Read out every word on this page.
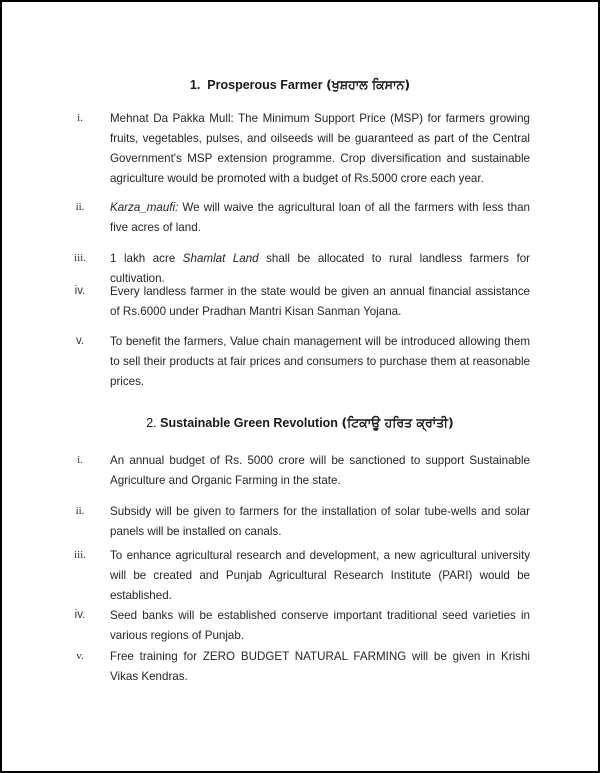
1. Prosperous Farmer (ਖੁਸ਼ਹਾਲ ਕਿਸਾਨ)
i.	Mehnat Da Pakka Mull: The Minimum Support Price (MSP) for farmers growing fruits, vegetables, pulses, and oilseeds will be guaranteed as part of the Central Government's MSP extension programme. Crop diversification and sustainable agriculture would be promoted with a budget of Rs.5000 crore each year.
ii.	Karza_maufi: We will waive the agricultural loan of all the farmers with less than five acres of land.
iii.	1 lakh acre Shamlat Land shall be allocated to rural landless farmers for cultivation.
iv.	Every landless farmer in the state would be given an annual financial assistance of Rs.6000 under Pradhan Mantri Kisan Sanman Yojana.
v.	To benefit the farmers, Value chain management will be introduced allowing them to sell their products at fair prices and consumers to purchase them at reasonable prices.
2. Sustainable Green Revolution (ਟਿਕਾਊ ਹਰਿਤ ਕ੍ਰਾਂਤੀ)
i.	An annual budget of Rs. 5000 crore will be sanctioned to support Sustainable Agriculture and Organic Farming in the state.
ii.	Subsidy will be given to farmers for the installation of solar tube-wells and solar panels will be installed on canals.
iii.	To enhance agricultural research and development, a new agricultural university will be created and Punjab Agricultural Research Institute (PARI) would be established.
iv.	Seed banks will be established conserve important traditional seed varieties in various regions of Punjab.
v.	Free training for ZERO BUDGET NATURAL FARMING will be given in Krishi Vikas Kendras.
